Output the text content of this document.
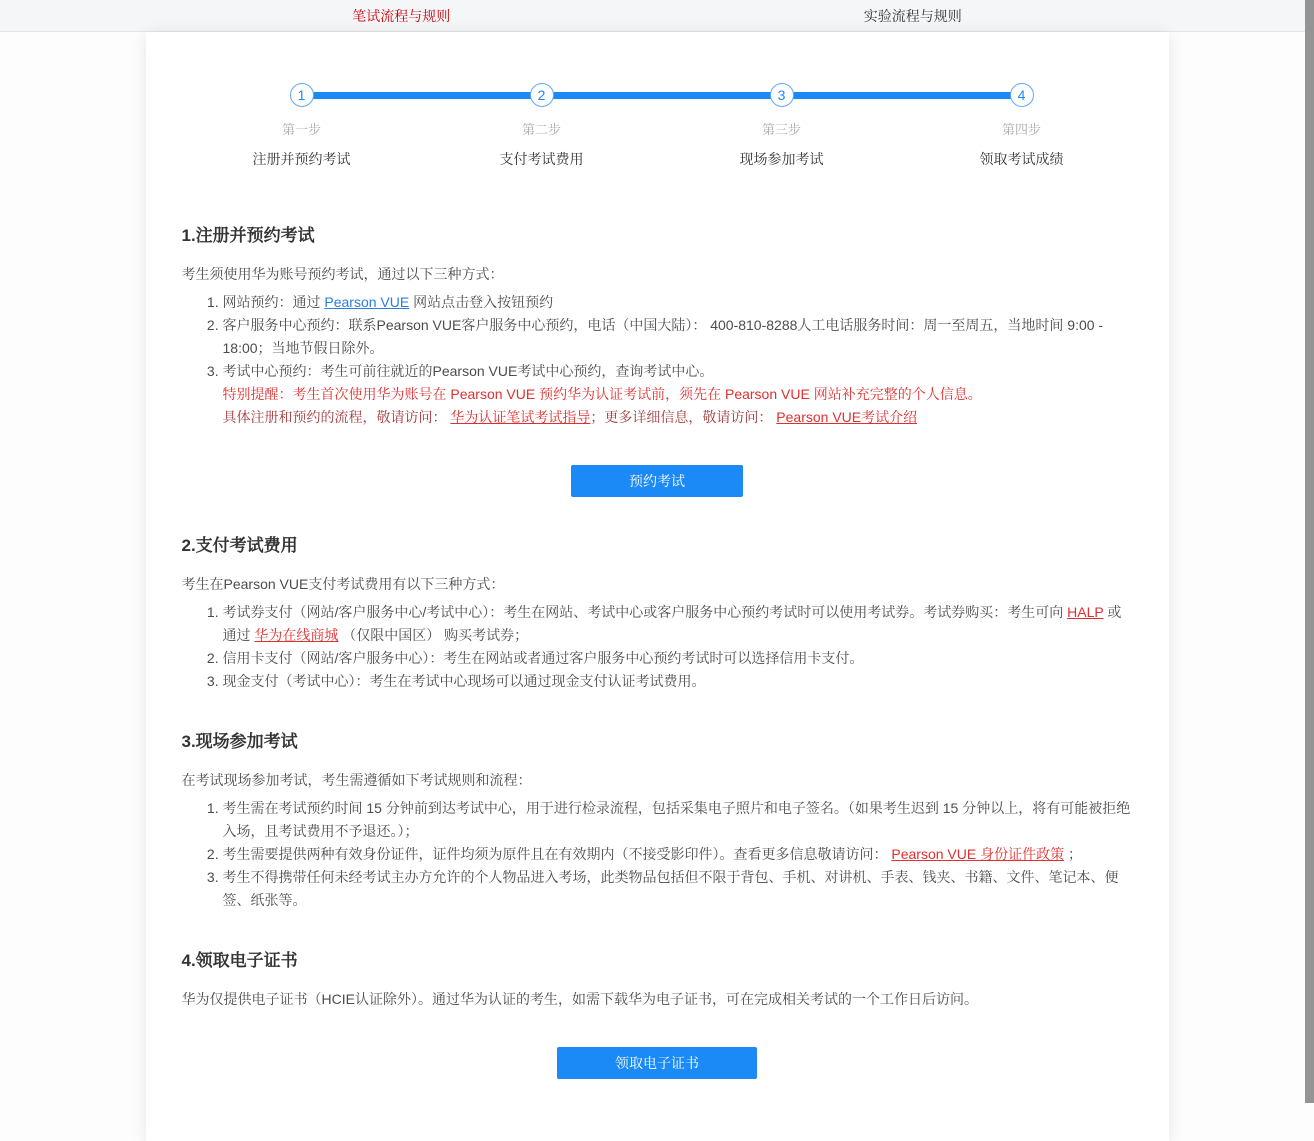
笔试流程与规则	实验流程与规则
1
第一步
注册并预约考试
2
第二步
支付考试费用
3
第三步
现场参加考试
4
第四步
领取考试成绩
1.注册并预约考试

考生须使用华为账号预约考试，通过以下三种方式：

1. 网站预约：通过 Pearson VUE 网站点击登入按钮预约
2. 客户服务中心预约：联系Pearson VUE客户服务中心预约，电话（中国大陆）： 400-810-8288人工电话服务时间：周一至周五，当地时间 9:00 - 18:00；当地节假日除外。
3. 考试中心预约：考生可前往就近的Pearson VUE考试中心预约，查询考试中心。

特别提醒：考生首次使用华为账号在 Pearson VUE 预约华为认证考试前，须先在 Pearson VUE 网站补充完整的个人信息。

具体注册和预约的流程，敬请访问： 华为认证笔试考试指导；更多详细信息，敬请访问： Pearson VUE考试介绍

预约考试
2.支付考试费用

考生在Pearson VUE支付考试费用有以下三种方式：

1. 考试券支付（网站/客户服务中心/考试中心）：考生在网站、考试中心或客户服务中心预约考试时可以使用考试券。考试券购买：考生可向 HALP 或通过 华为在线商城 （仅限中国区） 购买考试券；
2. 信用卡支付（网站/客户服务中心）：考生在网站或者通过客户服务中心预约考试时可以选择信用卡支付。
3. 现金支付（考试中心）：考生在考试中心现场可以通过现金支付认证考试费用。
3.现场参加考试

在考试现场参加考试，考生需遵循如下考试规则和流程：

1. 考生需在考试预约时间 15 分钟前到达考试中心，用于进行检录流程，包括采集电子照片和电子签名。（如果考生迟到 15 分钟以上，将有可能被拒绝入场，且考试费用不予退还。）；
2. 考生需要提供两种有效身份证件，证件均须为原件且在有效期内（不接受影印件）。查看更多信息敬请访问： Pearson VUE 身份证件政策 ；
3. 考生不得携带任何未经考试主办方允许的个人物品进入考场，此类物品包括但不限于背包、手机、对讲机、手表、钱夹、书籍、文件、笔记本、便签、纸张等。
4.领取电子证书

华为仅提供电子证书（HCIE认证除外）。通过华为认证的考生，如需下载华为电子证书，可在完成相关考试的一个工作日后访问。

领取电子证书
